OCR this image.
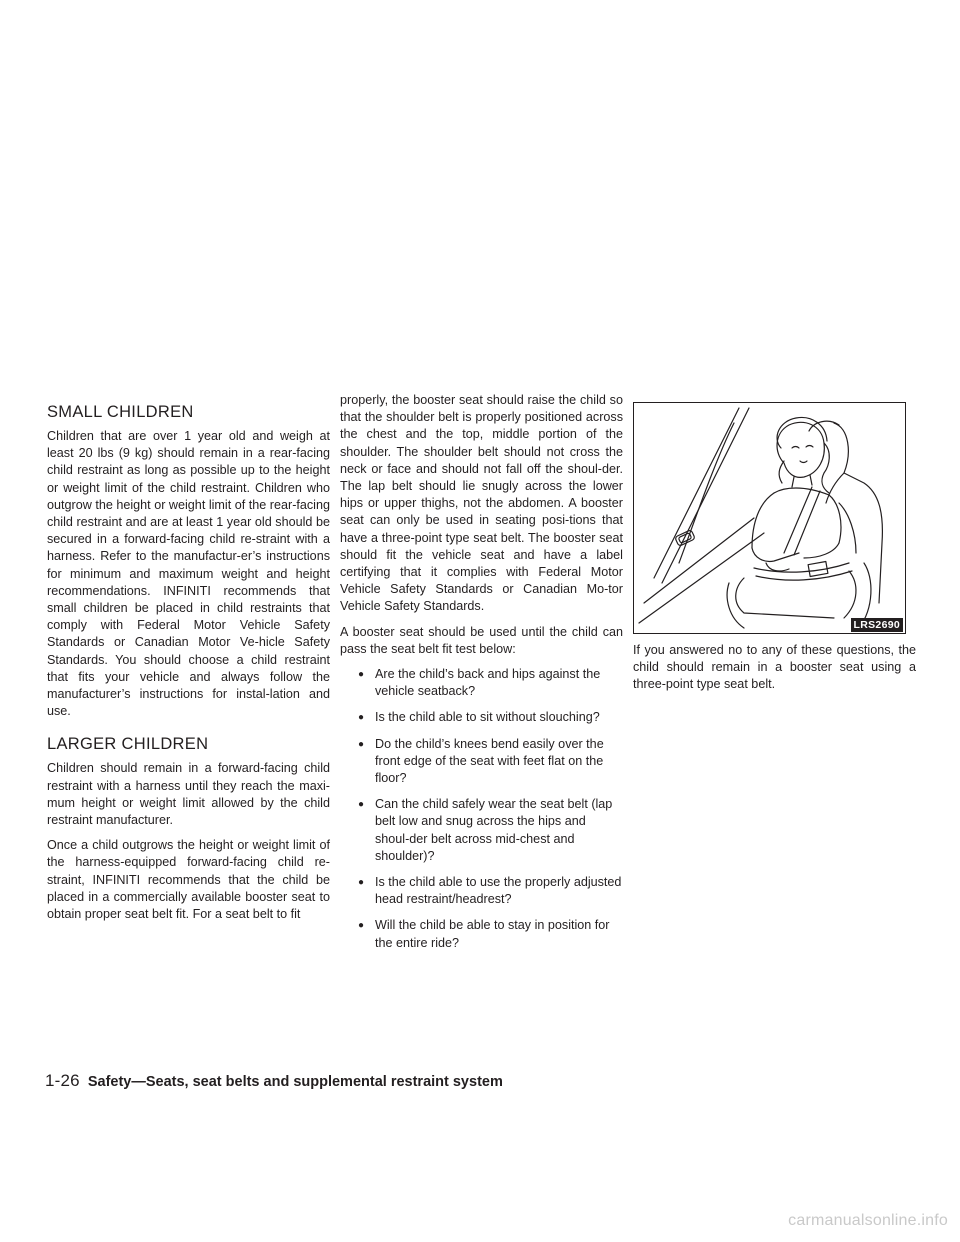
SMALL CHILDREN

Children that are over 1 year old and weigh at least 20 lbs (9 kg) should remain in a rear-facing child restraint as long as possible up to the height or weight limit of the child restraint. Children who outgrow the height or weight limit of the rear-facing child restraint and are at least 1 year old should be secured in a forward-facing child re-straint with a harness. Refer to the manufactur-er’s instructions for minimum and maximum weight and height recommendations. INFINITI recommends that small children be placed in child restraints that comply with Federal Motor Vehicle Safety Standards or Canadian Motor Ve-hicle Safety Standards. You should choose a child restraint that fits your vehicle and always follow the manufacturer’s instructions for instal-lation and use.

LARGER CHILDREN

Children should remain in a forward-facing child restraint with a harness until they reach the maxi-mum height or weight limit allowed by the child restraint manufacturer.

Once a child outgrows the height or weight limit of the harness-equipped forward-facing child re-straint, INFINITI recommends that the child be placed in a commercially available booster seat to obtain proper seat belt fit. For a seat belt to fit

properly, the booster seat should raise the child so that the shoulder belt is properly positioned across the chest and the top, middle portion of the shoulder. The shoulder belt should not cross the neck or face and should not fall off the shoul-der. The lap belt should lie snugly across the lower hips or upper thighs, not the abdomen. A booster seat can only be used in seating posi-tions that have a three-point type seat belt. The booster seat should fit the vehicle seat and have a label certifying that it complies with Federal Motor Vehicle Safety Standards or Canadian Mo-tor Vehicle Safety Standards.

A booster seat should be used until the child can pass the seat belt fit test below:

● Are the child’s back and hips against the vehicle seatback?
● Is the child able to sit without slouching?
● Do the child’s knees bend easily over the front edge of the seat with feet flat on the floor?
● Can the child safely wear the seat belt (lap belt low and snug across the hips and shoul-der belt across mid-chest and shoulder)?
● Is the child able to use the properly adjusted head restraint/headrest?
● Will the child be able to stay in position for the entire ride?
LRS2690

If you answered no to any of these questions, the child should remain in a booster seat using a three-point type seat belt.

1-26 Safety—Seats, seat belts and supplemental restraint system
carmanualsonline.info
